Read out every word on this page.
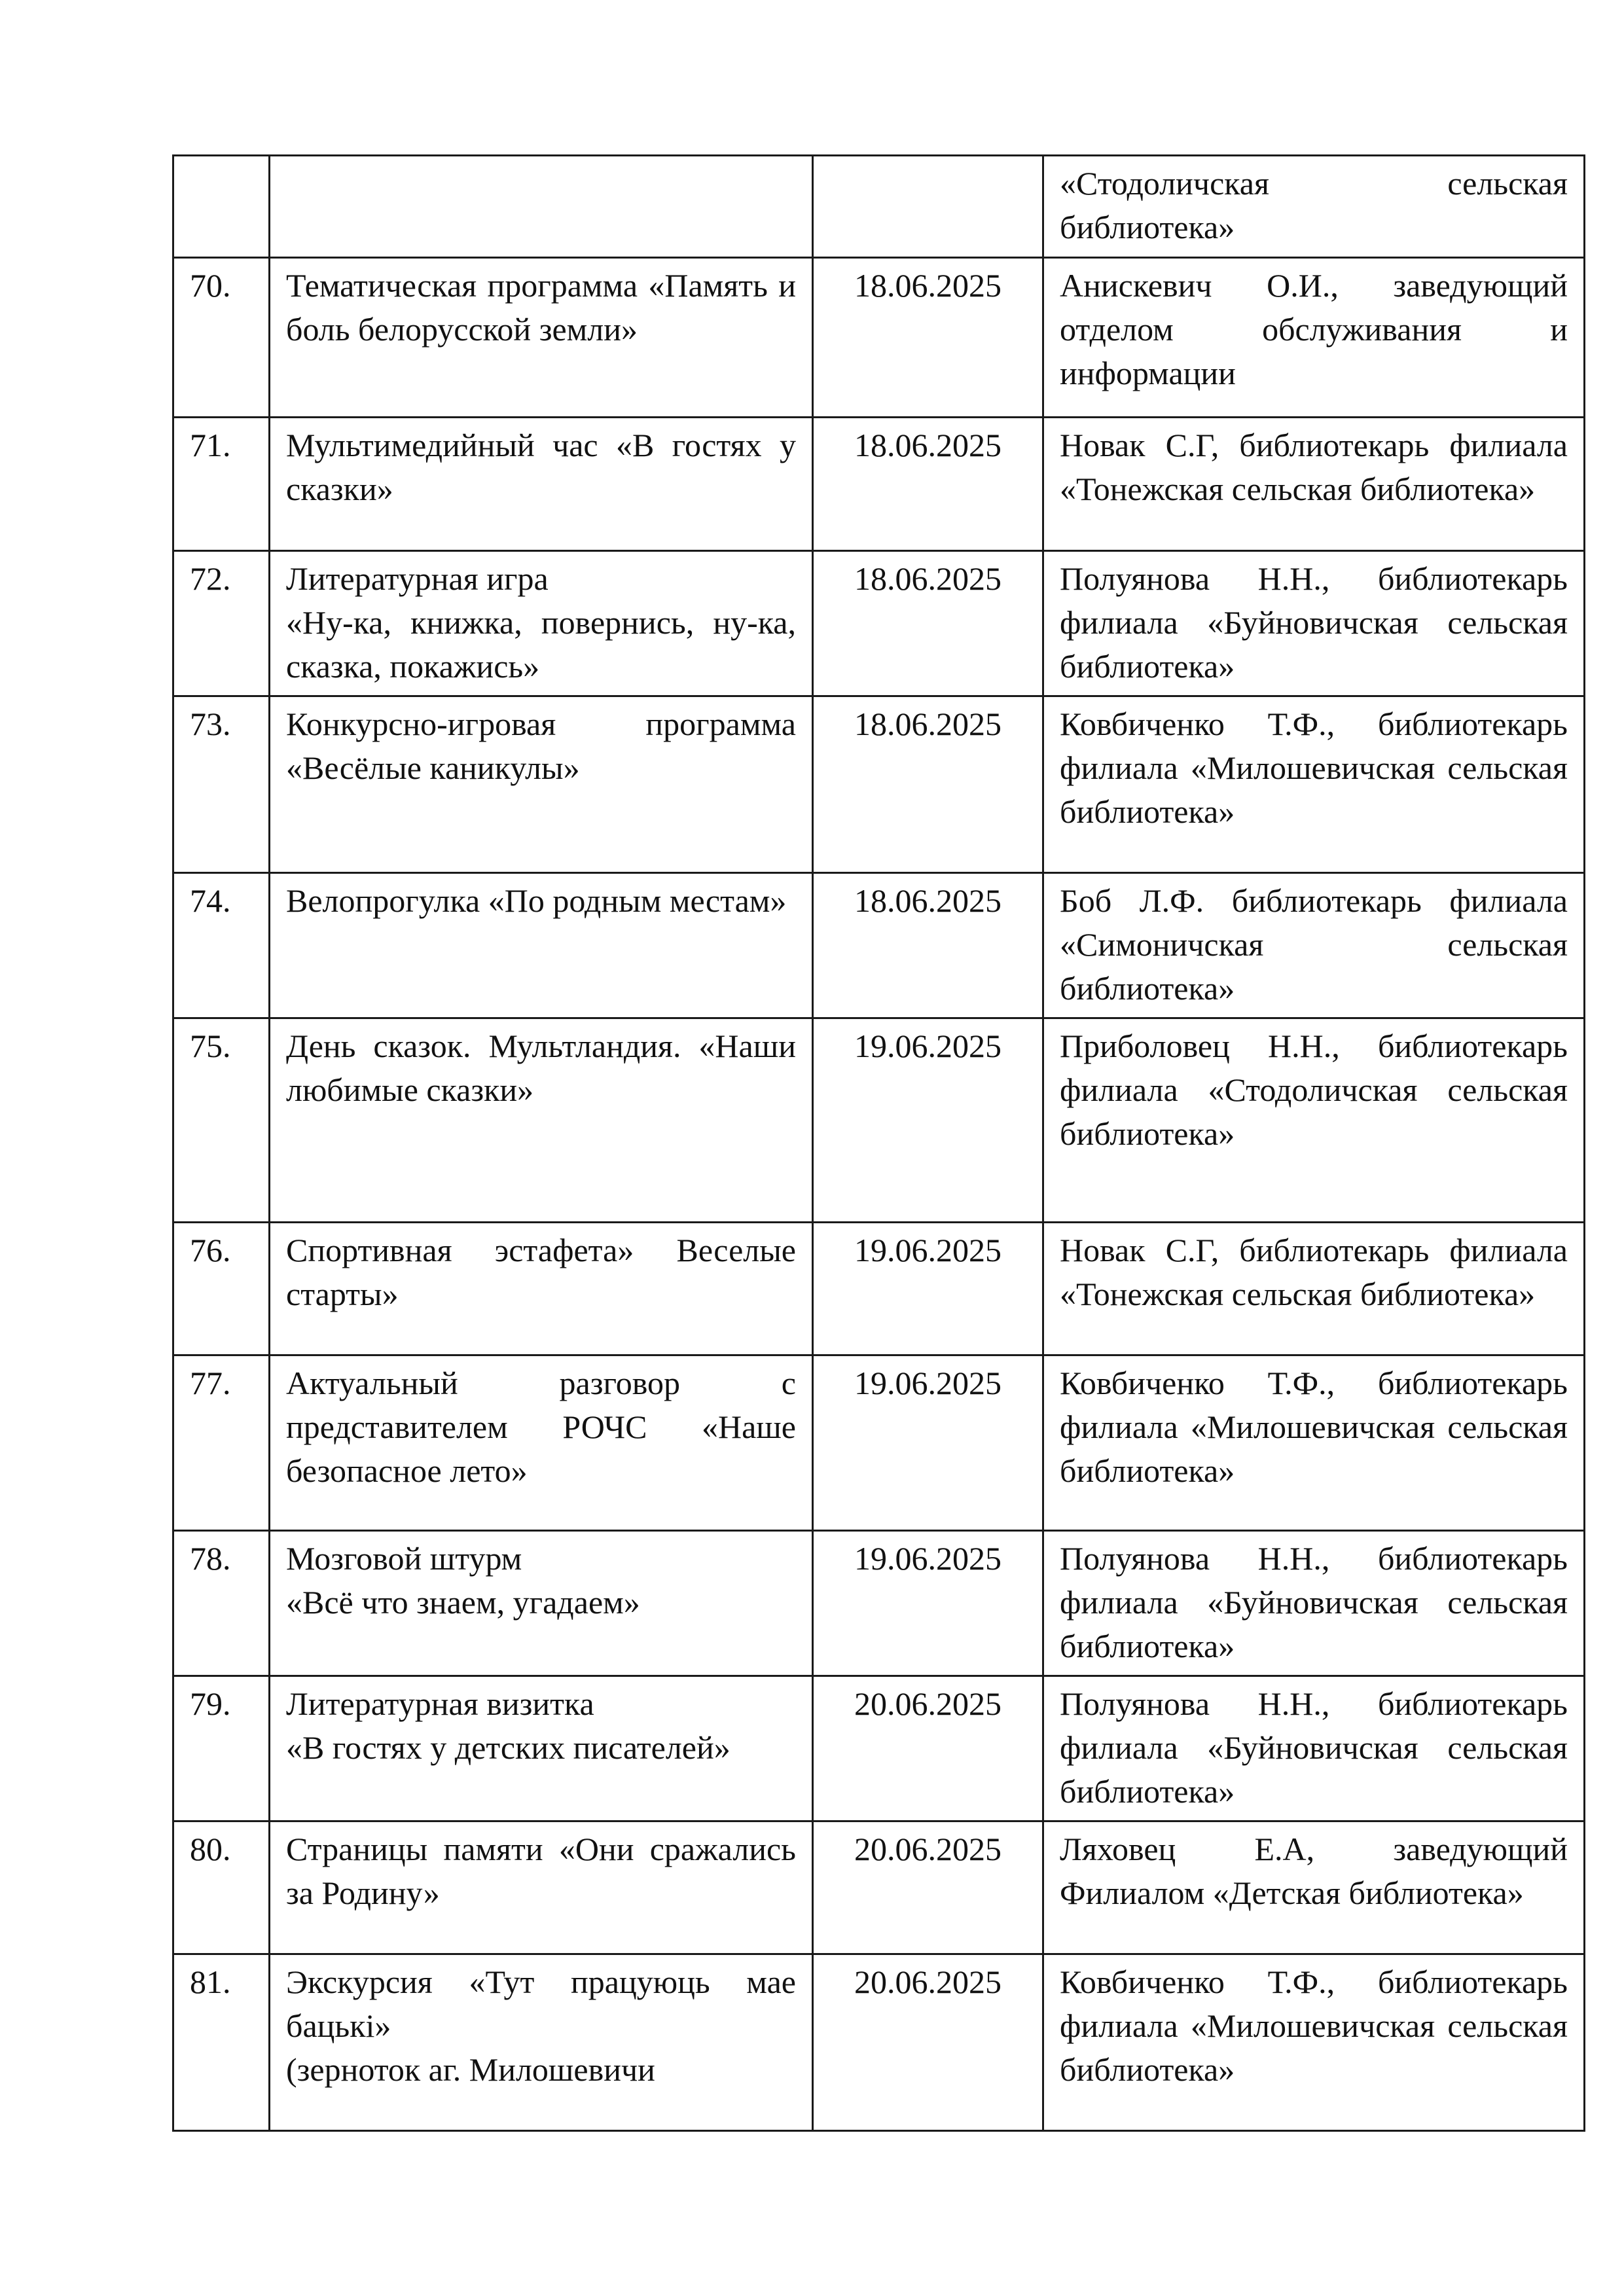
			«Стодоличская сельская библиотека»
70.	Тематическая программа «Память и боль белорусской земли»	18.06.2025	Анискевич О.И., заведующий отделом обслуживания и информации
71.	Мультимедийный час «В гостях у сказки»	18.06.2025	Новак С.Г, библиотекарь филиала «Тонежская сельская библиотека»
72.	Литературная игра
«Ну-ка, книжка, повернись, ну-ка, сказка, покажись»	18.06.2025	Полуянова Н.Н., библиотекарь филиала «Буйновичская сельская библиотека»
73.	Конкурсно-игровая программа «Весёлые каникулы»	18.06.2025	Ковбиченко Т.Ф., библиотекарь филиала «Милошевичская сельская библиотека»
74.	Велопрогулка «По родным местам»	18.06.2025	Боб Л.Ф. библиотекарь филиала «Симоничская сельская библиотека»
75.	День сказок. Мультландия. «Наши любимые сказки»	19.06.2025	Приболовец Н.Н., библиотекарь филиала «Стодоличская сельская библиотека»
76.	Спортивная эстафета» Веселые старты»	19.06.2025	Новак С.Г, библиотекарь филиала «Тонежская сельская библиотека»
77.	Актуальный разговор с представителем РОЧС «Наше безопасное лето»	19.06.2025	Ковбиченко Т.Ф., библиотекарь филиала «Милошевичская сельская библиотека»
78.	Мозговой штурм
«Всё что знаем, угадаем»	19.06.2025	Полуянова Н.Н., библиотекарь филиала «Буйновичская сельская библиотека»
79.	Литературная визитка
«В гостях у детских писателей»	20.06.2025	Полуянова Н.Н., библиотекарь филиала «Буйновичская сельская библиотека»
80.	Страницы памяти «Они сражались за Родину»	20.06.2025	Ляховец Е.А, заведующий Филиалом «Детская библиотека»
81.	Экскурсия «Тут працуюць мае бацькі»
(зерноток аг. Милошевичи	20.06.2025	Ковбиченко Т.Ф., библиотекарь филиала «Милошевичская сельская библиотека»
